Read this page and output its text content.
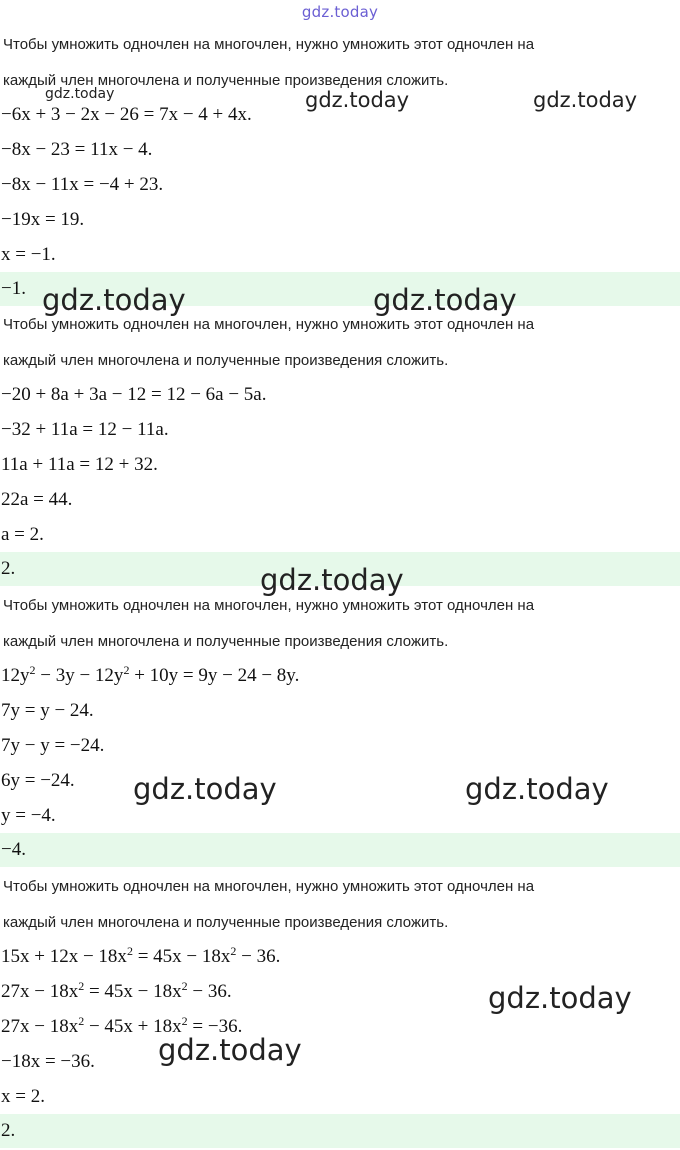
gdz.today
Чтобы умножить одночлен на многочлен, нужно умножить этот одночлен на
каждый член многочлена и полученные произведения сложить.
−6x + 3 − 2x − 26 = 7x − 4 + 4x.
−8x − 23 = 11x − 4.
−8x − 11x = −4 + 23.
−19x = 19.
x = −1.
−1.
Чтобы умножить одночлен на многочлен, нужно умножить этот одночлен на
каждый член многочлена и полученные произведения сложить.
−20 + 8a + 3a − 12 = 12 − 6a − 5a.
−32 + 11a = 12 − 11a.
11a + 11a = 12 + 32.
22a = 44.
a = 2.
2.
Чтобы умножить одночлен на многочлен, нужно умножить этот одночлен на
каждый член многочлена и полученные произведения сложить.
$12y^2 - 3y - 12y^2 + 10y = 9y - 24 - 8y$.
7y = y − 24.
7y − y = −24.
6y = −24.
y = −4.
−4.
Чтобы умножить одночлен на многочлен, нужно умножить этот одночлен на
каждый член многочлена и полученные произведения сложить.
$15x + 12x - 18x^2 = 45x - 18x^2 - 36$.
$27x - 18x^2 = 45x - 18x^2 - 36$.
$27x - 18x^2 - 45x + 18x^2 = -36$.
−18x = −36.
x = 2.
2.
gdz.today	gdz.today	gdz.today
gdz.today	gdz.today
gdz.today
gdz.today	gdz.today
gdz.today
gdz.today
